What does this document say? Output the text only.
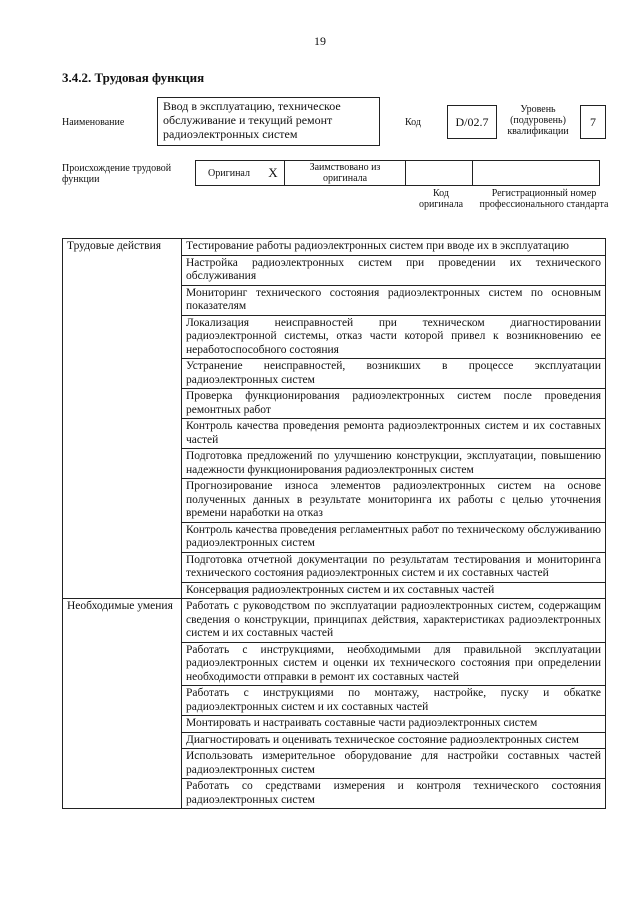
19
3.4.2. Трудовая функция
Наименование
Ввод в эксплуатацию, техническое обслуживание и текущий ремонт радиоэлектронных систем
Код	D/02.7
Уровень (подуровень) квалификации
7
Происхождение трудовой функции
Оригинал	X	Заимствовано из оригинала		
Код оригинала
Регистрационный номер профессионального стандарта
Трудовые действия	Тестирование работы радиоэлектронных систем при вводе их в эксплуатацию
	Настройка радиоэлектронных систем при проведении их технического обслуживания
	Мониторинг технического состояния радиоэлектронных систем по основным показателям
	Локализация неисправностей при техническом диагностировании радиоэлектронной системы, отказ части которой привел к возникновению ее неработоспособного состояния
	Устранение неисправностей, возникших в процессе эксплуатации радиоэлектронных систем
	Проверка функционирования радиоэлектронных систем после проведения ремонтных работ
	Контроль качества проведения ремонта радиоэлектронных систем и их составных частей
	Подготовка предложений по улучшению конструкции, эксплуатации, повышению надежности функционирования радиоэлектронных систем
	Прогнозирование износа элементов радиоэлектронных систем на основе полученных данных в результате мониторинга их работы с целью уточнения времени наработки на отказ
	Контроль качества проведения регламентных работ по техническому обслуживанию радиоэлектронных систем
	Подготовка отчетной документации по результатам тестирования и мониторинга технического состояния радиоэлектронных систем и их составных частей
	Консервация радиоэлектронных систем и их составных частей
Необходимые умения	Работать с руководством по эксплуатации радиоэлектронных систем, содержащим сведения о конструкции, принципах действия, характеристиках радиоэлектронных систем и их составных частей
	Работать с инструкциями, необходимыми для правильной эксплуатации радиоэлектронных систем и оценки их технического состояния при определении необходимости отправки в ремонт их составных частей
	Работать с инструкциями по монтажу, настройке, пуску и обкатке радиоэлектронных систем и их составных частей
	Монтировать и настраивать составные части радиоэлектронных систем
	Диагностировать и оценивать техническое состояние радиоэлектронных систем
	Использовать измерительное оборудование для настройки составных частей радиоэлектронных систем
	Работать со средствами измерения и контроля технического состояния радиоэлектронных систем
